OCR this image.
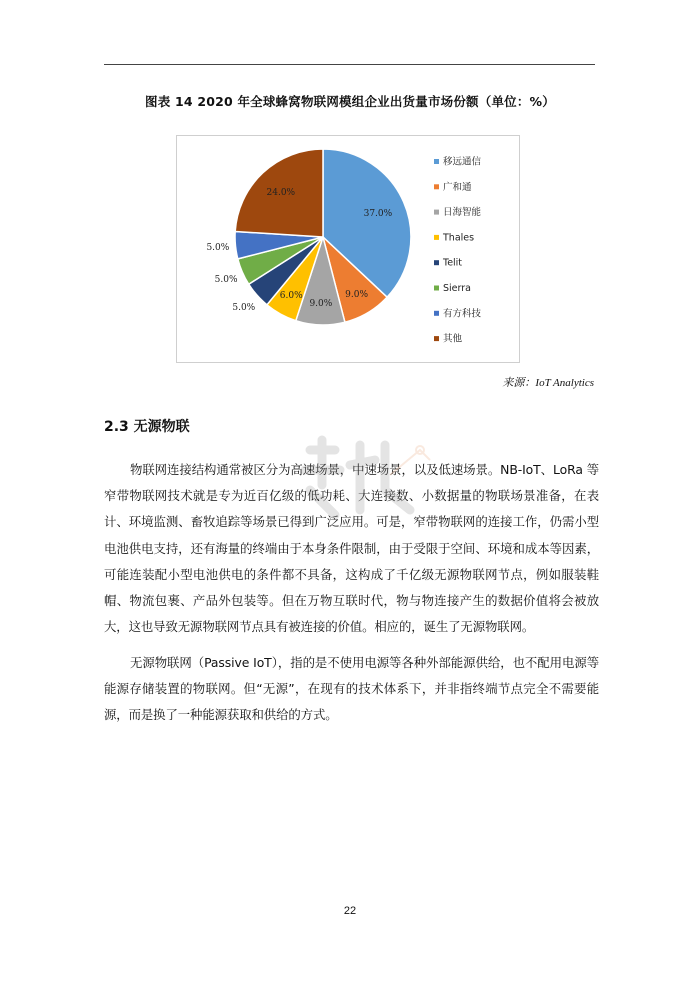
图表 14 2020 年全球蜂窝物联网模组企业出货量市场份额（单位：%）
37.0%
9.0%
9.0%
6.0%
5.0%
5.0%
5.0%
24.0%
移远通信
广和通
日海智能
Thales
Telit
Sierra
有方科技
其他
来源：IoT Analytics
2.3 无源物联
物联网连接结构通常被区分为高速场景，中速场景，以及低速场景。NB-IoT、LoRa 等窄带物联网技术就是专为近百亿级的低功耗、大连接数、小数据量的物联场景准备，在表计、环境监测、畜牧追踪等场景已得到广泛应用。可是，窄带物联网的连接工作，仍需小型电池供电支持，还有海量的终端由于本身条件限制，由于受限于空间、环境和成本等因素，可能连装配小型电池供电的条件都不具备，这构成了千亿级无源物联网节点，例如服装鞋帽、物流包裹、产品外包装等。但在万物互联时代，物与物连接产生的数据价值将会被放大，这也导致无源物联网节点具有被连接的价值。相应的，诞生了无源物联网。
无源物联网（Passive IoT），指的是不使用电源等各种外部能源供给，也不配用电源等能源存储装置的物联网。但“无源”，在现有的技术体系下，并非指终端节点完全不需要能源，而是换了一种能源获取和供给的方式。
22
